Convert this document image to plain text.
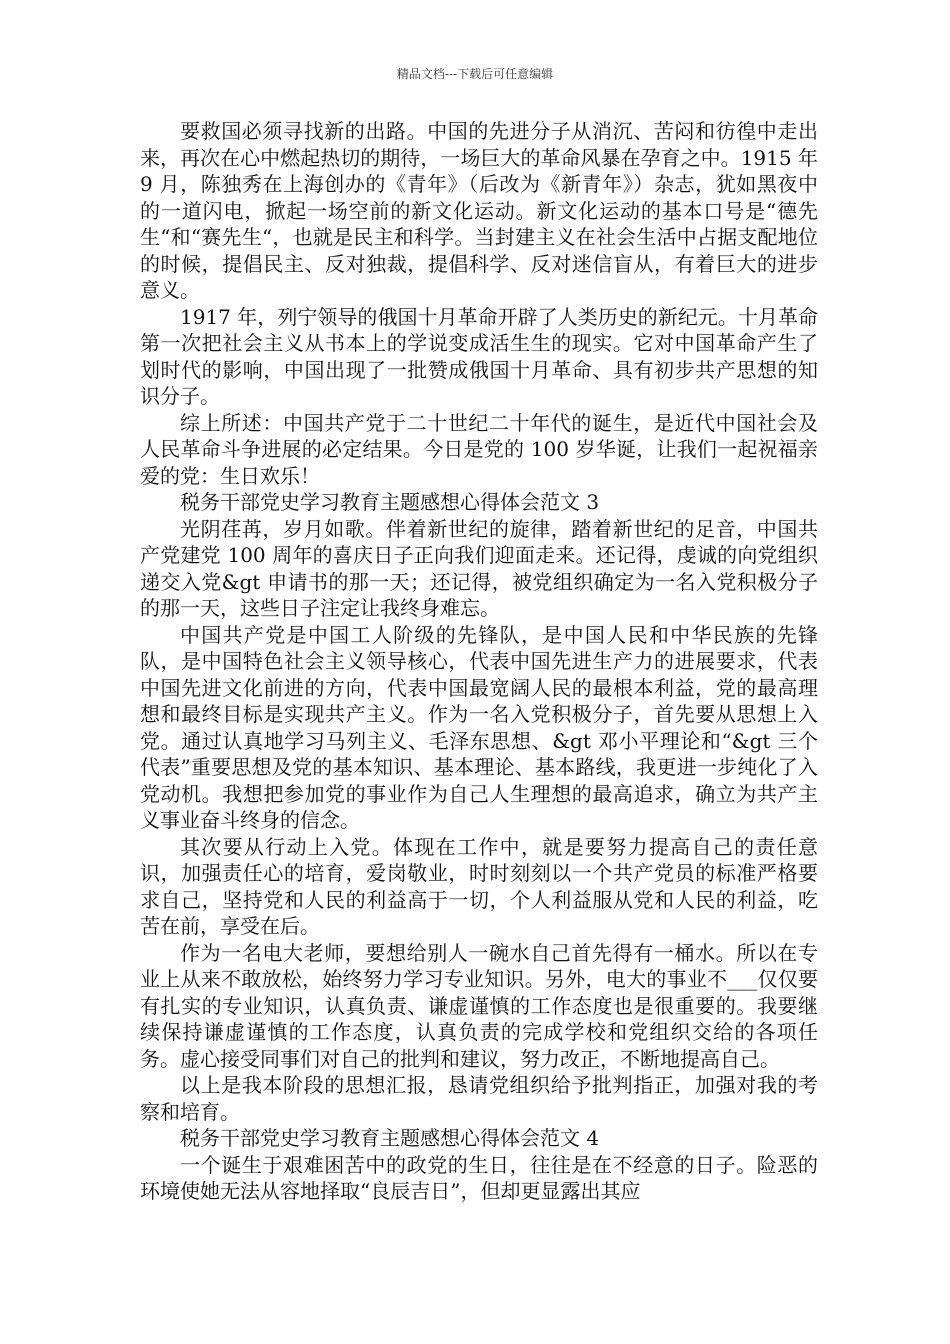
精品文档---下载后可任意编辑

要救国必须寻找新的出路。中国的先进分子从消沉、苦闷和彷徨中走出来，再次在心中燃起热切的期待，一场巨大的革命风暴在孕育之中。1915 年 9 月，陈独秀在上海创办的《青年》（后改为《新青年》）杂志，犹如黑夜中的一道闪电，掀起一场空前的新文化运动。新文化运动的基本口号是“德先生“和“赛先生“，也就是民主和科学。当封建主义在社会生活中占据支配地位的时候，提倡民主、反对独裁，提倡科学、反对迷信盲从，有着巨大的进步意义。

1917 年，列宁领导的俄国十月革命开辟了人类历史的新纪元。十月革命第一次把社会主义从书本上的学说变成活生生的现实。它对中国革命产生了划时代的影响，中国出现了一批赞成俄国十月革命、具有初步共产思想的知识分子。

综上所述：中国共产党于二十世纪二十年代的诞生，是近代中国社会及人民革命斗争进展的必定结果。今日是党的 100 岁华诞，让我们一起祝福亲爱的党：生日欢乐！

税务干部党史学习教育主题感想心得体会范文 3

光阴荏苒，岁月如歌。伴着新世纪的旋律，踏着新世纪的足音，中国共产党建党 100 周年的喜庆日子正向我们迎面走来。还记得，虔诚的向党组织递交入党&gt 申请书的那一天；还记得，被党组织确定为一名入党积极分子的那一天，这些日子注定让我终身难忘。

中国共产党是中国工人阶级的先锋队，是中国人民和中华民族的先锋队，是中国特色社会主义领导核心，代表中国先进生产力的进展要求，代表中国先进文化前进的方向，代表中国最宽阔人民的最根本利益，党的最高理想和最终目标是实现共产主义。作为一名入党积极分子，首先要从思想上入党。通过认真地学习马列主义、毛泽东思想、&gt 邓小平理论和“&gt 三个代表”重要思想及党的基本知识、基本理论、基本路线，我更进一步纯化了入党动机。我想把参加党的事业作为自己人生理想的最高追求，确立为共产主义事业奋斗终身的信念。

其次要从行动上入党。体现在工作中，就是要努力提高自己的责任意识，加强责任心的培育，爱岗敬业，时时刻刻以一个共产党员的标准严格要求自己，坚持党和人民的利益高于一切，个人利益服从党和人民的利益，吃苦在前，享受在后。

作为一名电大老师，要想给别人一碗水自己首先得有一桶水。所以在专业上从来不敢放松，始终努力学习专业知识。另外，电大的事业不___仅仅要有扎实的专业知识，认真负责、谦虚谨慎的工作态度也是很重要的。我要继续保持谦虚谨慎的工作态度，认真负责的完成学校和党组织交给的各项任务。虚心接受同事们对自己的批判和建议，努力改正，不断地提高自己。

以上是我本阶段的思想汇报，恳请党组织给予批判指正，加强对我的考察和培育。

税务干部党史学习教育主题感想心得体会范文 4

一个诞生于艰难困苦中的政党的生日，往往是在不经意的日子。险恶的环境使她无法从容地择取“良辰吉日”，但却更显露出其应
